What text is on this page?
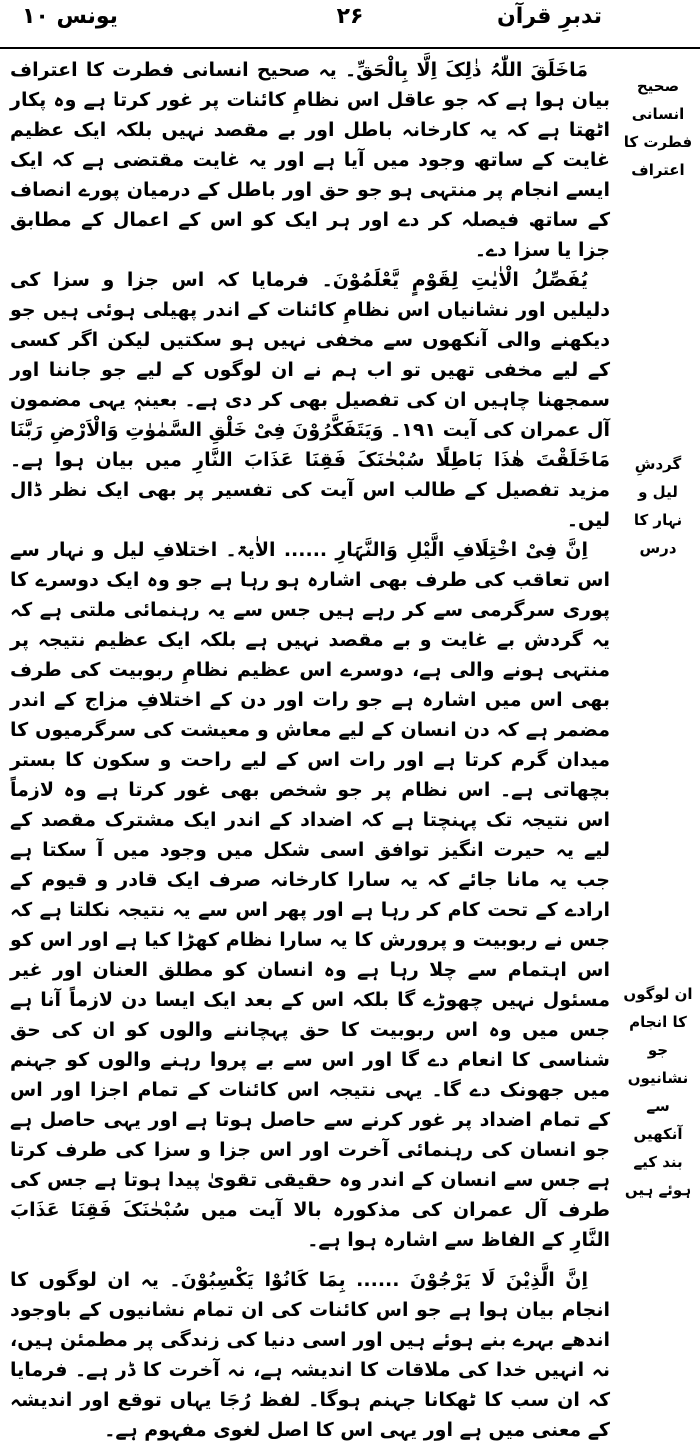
یونس ۱۰	۲۶	تدبرِ قرآن
صحیح انسانی فطرت کا اعتراف
گردشِ لیل و نہار کا درس
ان لوگوں کا انجام جو نشانیوں سے آنکھیں بند کیے ہوئے ہیں

مَاخَلَقَ اللّٰہُ ذٰلِکَ اِلَّا بِالْحَقِّ۔ یہ صحیح انسانی فطرت کا اعتراف بیان ہوا ہے کہ جو عاقل اس نظامِ کائنات پر غور کرتا ہے وہ پکار اٹھتا ہے کہ یہ کارخانہ باطل اور بے مقصد نہیں بلکہ ایک عظیم غایت کے ساتھ وجود میں آیا ہے اور یہ غایت مقتضی ہے کہ ایک ایسے انجام پر منتہی ہو جو حق اور باطل کے درمیان پورے انصاف کے ساتھ فیصلہ کر دے اور ہر ایک کو اس کے اعمال کے مطابق جزا یا سزا دے۔

یُفَصِّلُ الْاٰیٰتِ لِقَوْمٍ یَّعْلَمُوْنَ۔ فرمایا کہ اس جزا و سزا کی دلیلیں اور نشانیاں اس نظامِ کائنات کے اندر پھیلی ہوئی ہیں جو دیکھنے والی آنکھوں سے مخفی نہیں ہو سکتیں لیکن اگر کسی کے لیے مخفی تھیں تو اب ہم نے ان لوگوں کے لیے جو جاننا اور سمجھنا چاہیں ان کی تفصیل بھی کر دی ہے۔ بعینہٖ یہی مضمون آل عمران کی آیت ۱۹۱۔ وَیَتَفَکَّرُوْنَ فِیْ خَلْقِ السَّمٰوٰتِ وَالْاَرْضِ رَبَّنَا مَاخَلَقْتَ ھٰذَا بَاطِلًا سُبْحٰنَکَ فَقِنَا عَذَابَ النَّارِ میں بیان ہوا ہے۔ مزید تفصیل کے طالب اس آیت کی تفسیر پر بھی ایک نظر ڈال لیں۔

اِنَّ فِیْ اخْتِلَافِ الَّیْلِ وَالنَّہَارِ ...... الاٰیۃ۔ اختلافِ لیل و نہار سے اس تعاقب کی طرف بھی اشارہ ہو رہا ہے جو وہ ایک دوسرے کا پوری سرگرمی سے کر رہے ہیں جس سے یہ رہنمائی ملتی ہے کہ یہ گردش بے غایت و بے مقصد نہیں ہے بلکہ ایک عظیم نتیجہ پر منتہی ہونے والی ہے، دوسرے اس عظیم نظامِ ربوبیت کی طرف بھی اس میں اشارہ ہے جو رات اور دن کے اختلافِ مزاج کے اندر مضمر ہے کہ دن انسان کے لیے معاش و معیشت کی سرگرمیوں کا میدان گرم کرتا ہے اور رات اس کے لیے راحت و سکون کا بستر بچھاتی ہے۔ اس نظام پر جو شخص بھی غور کرتا ہے وہ لازماً اس نتیجہ تک پہنچتا ہے کہ اضداد کے اندر ایک مشترک مقصد کے لیے یہ حیرت انگیز توافق اسی شکل میں وجود میں آ سکتا ہے جب یہ مانا جائے کہ یہ سارا کارخانہ صرف ایک قادر و قیوم کے ارادے کے تحت کام کر رہا ہے اور پھر اس سے یہ نتیجہ نکلتا ہے کہ جس نے ربوبیت و پرورش کا یہ سارا نظام کھڑا کیا ہے اور اس کو اس اہتمام سے چلا رہا ہے وہ انسان کو مطلق العنان اور غیر مسئول نہیں چھوڑے گا بلکہ اس کے بعد ایک ایسا دن لازماً آنا ہے جس میں وہ اس ربوبیت کا حق پہچاننے والوں کو ان کی حق شناسی کا انعام دے گا اور اس سے بے پروا رہنے والوں کو جہنم میں جھونک دے گا۔ یہی نتیجہ اس کائنات کے تمام اجزا اور اس کے تمام اضداد پر غور کرنے سے حاصل ہوتا ہے اور یہی حاصل ہے جو انسان کی رہنمائی آخرت اور اس جزا و سزا کی طرف کرتا ہے جس سے انسان کے اندر وہ حقیقی تقویٰ پیدا ہوتا ہے جس کی طرف آل عمران کی مذکورہ بالا آیت میں سُبْحٰنَکَ فَقِنَا عَذَابَ النَّارِ کے الفاظ سے اشارہ ہوا ہے۔

اِنَّ الَّذِیْنَ لَا یَرْجُوْنَ ...... بِمَا کَانُوْا یَکْسِبُوْنَ۔ یہ ان لوگوں کا انجام بیان ہوا ہے جو اس کائنات کی ان تمام نشانیوں کے باوجود اندھے بہرے بنے ہوئے ہیں اور اسی دنیا کی زندگی پر مطمئن ہیں، نہ انہیں خدا کی ملاقات کا اندیشہ ہے، نہ آخرت کا ڈر ہے۔ فرمایا کہ ان سب کا ٹھکانا جہنم ہوگا۔ لفظ رُجَا یہاں توقع اور اندیشہ کے معنی میں ہے اور یہی اس کا اصل لغوی مفہوم ہے۔
